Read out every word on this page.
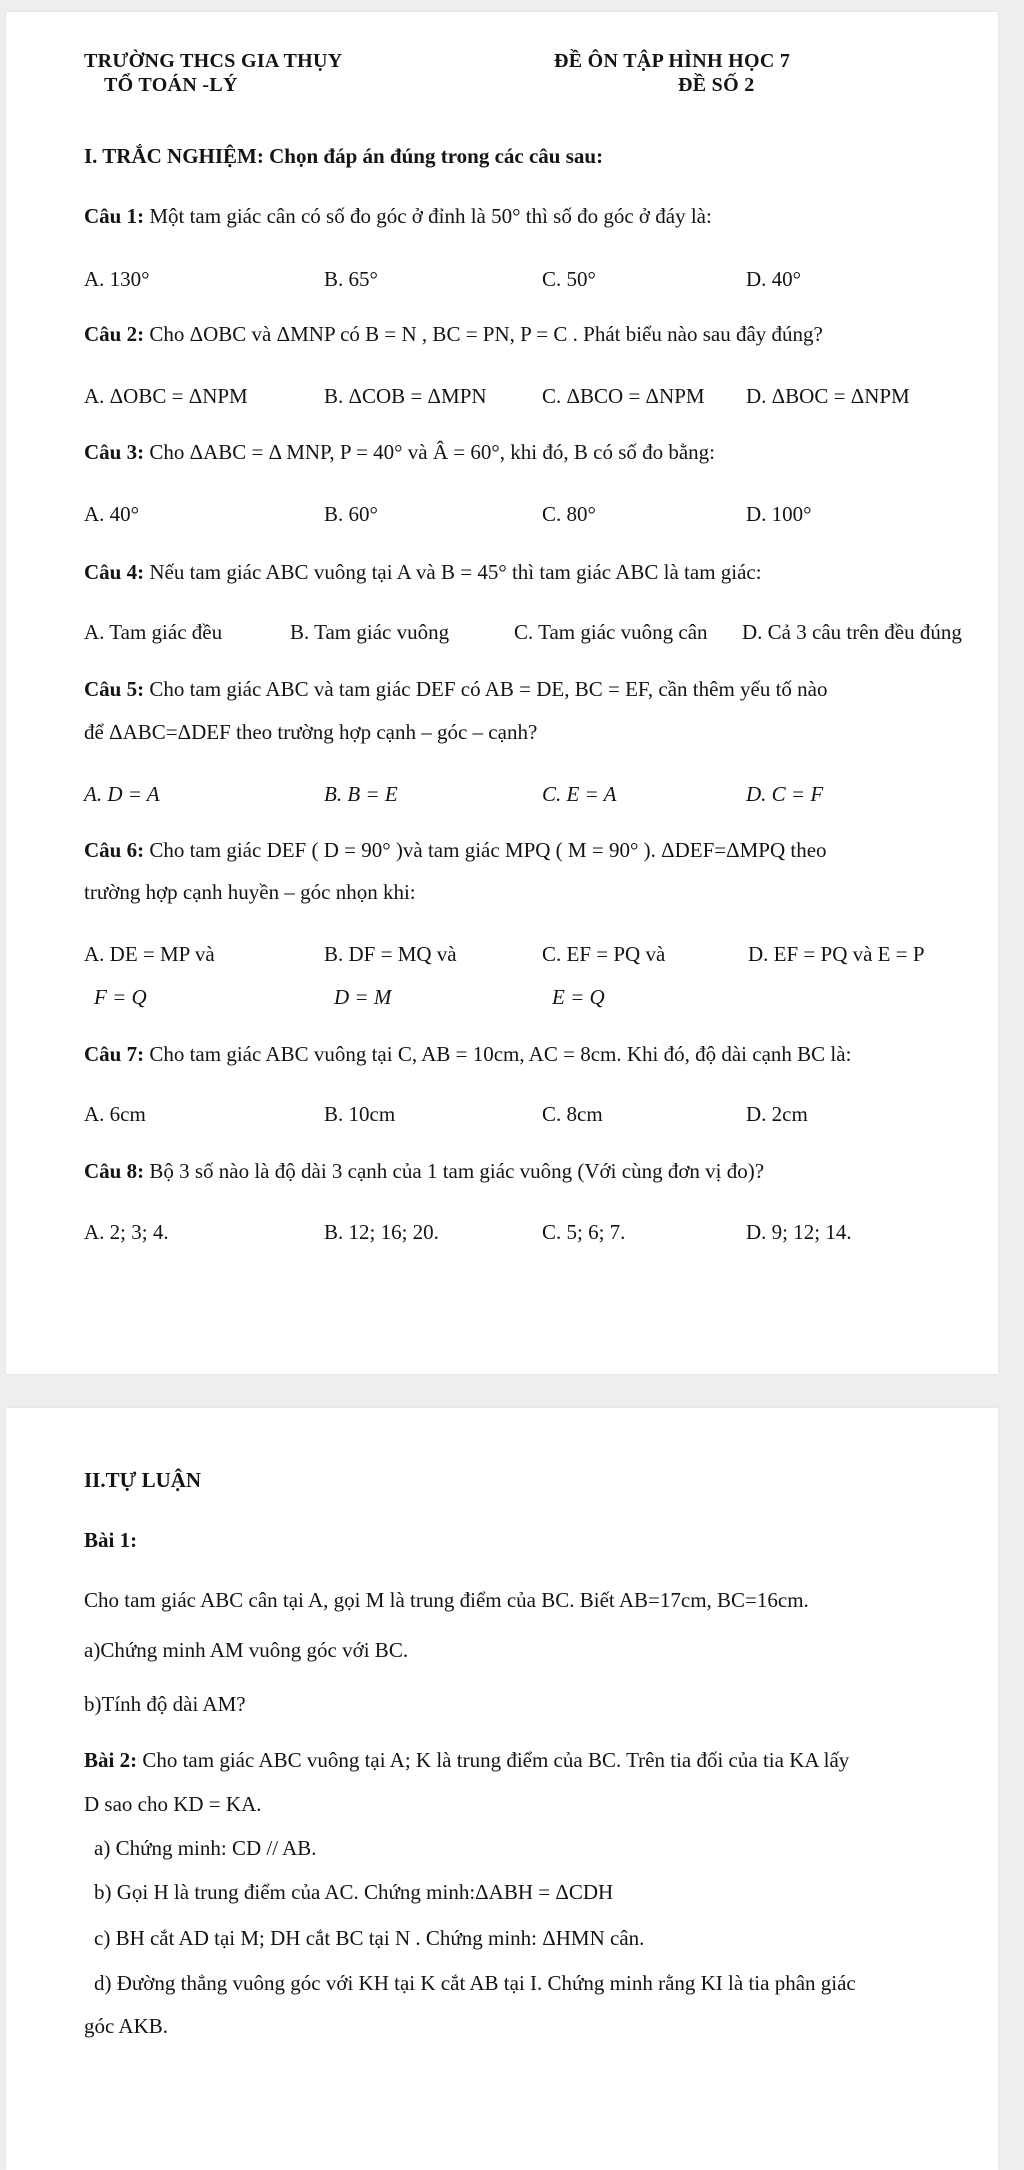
TRƯỜNG THCS GIA THỤY
TỔ TOÁN -LÝ
ĐỀ ÔN TẬP HÌNH HỌC 7
ĐỀ SỐ 2
I. TRẮC NGHIỆM: Chọn đáp án đúng trong các câu sau:
Câu 1: Một tam giác cân có số đo góc ở đỉnh là 50° thì số đo góc ở đáy là:
A. 130°	B. 65°	C. 50°	D. 40°
Câu 2: Cho ΔOBC và ΔMNP có B = N , BC = PN, P = C . Phát biểu nào sau đây đúng?
A. ΔOBC = ΔNPM	B. ΔCOB = ΔMPN	C. ΔBCO = ΔNPM D. ΔBOC = ΔNPM
Câu 3: Cho ΔABC = Δ MNP, P = 40° và Â = 60°, khi đó, B có số đo bằng:
A. 40°	B. 60°	C. 80°	D. 100°
Câu 4: Nếu tam giác ABC vuông tại A và B = 45° thì tam giác ABC là tam giác:
A. Tam giác đều	B. Tam giác vuông	C. Tam giác vuông cân D. Cả 3 câu trên đều đúng
Câu 5: Cho tam giác ABC và tam giác DEF có AB = DE, BC = EF, cần thêm yếu tố nào
để ΔABC=ΔDEF theo trường hợp cạnh – góc – cạnh?
A. D = A	B. B = E	C. E = A	D. C = F
Câu 6: Cho tam giác DEF ( D = 90° )và tam giác MPQ ( M = 90° ). ΔDEF=ΔMPQ theo
trường hợp cạnh huyền – góc nhọn khi:
A. DE = MP và	B. DF = MQ và	C. EF = PQ và	D. EF = PQ và E = P
F = Q	D = M	E = Q
Câu 7: Cho tam giác ABC vuông tại C, AB = 10cm, AC = 8cm. Khi đó, độ dài cạnh BC là:
A. 6cm	B. 10cm	C. 8cm	D. 2cm
Câu 8: Bộ 3 số nào là độ dài 3 cạnh của 1 tam giác vuông (Với cùng đơn vị đo)?
A. 2; 3; 4.	B. 12; 16; 20.	C. 5; 6; 7.	D. 9; 12; 14.
II.TỰ LUẬN
Bài 1:
Cho tam giác ABC cân tại A, gọi M là trung điểm của BC. Biết AB=17cm, BC=16cm.
a)Chứng minh AM vuông góc với BC.
b)Tính độ dài AM?
Bài 2: Cho tam giác ABC vuông tại A; K là trung điểm của BC. Trên tia đối của tia KA lấy
D sao cho KD = KA.
a) Chứng minh: CD // AB.
b) Gọi H là trung điểm của AC. Chứng minh:ΔABH = ΔCDH
c) BH cắt AD tại M; DH cắt BC tại N . Chứng minh: ΔHMN cân.
d) Đường thẳng vuông góc với KH tại K cắt AB tại I. Chứng minh rằng KI là tia phân giác
góc AKB.
